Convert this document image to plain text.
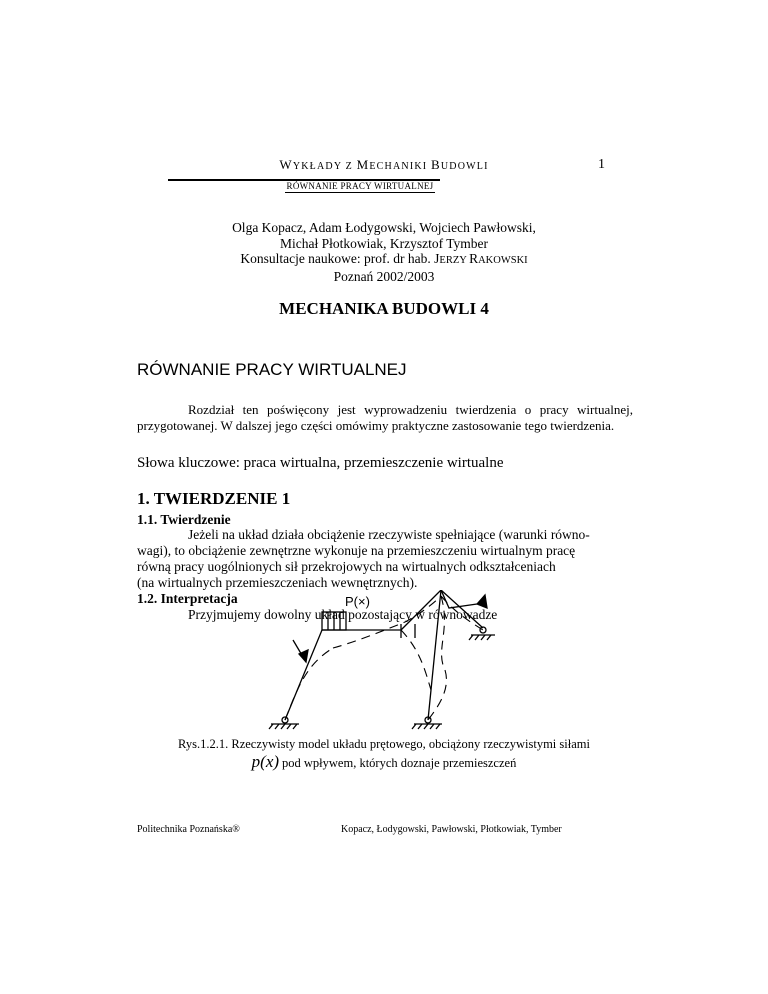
WYKŁADY Z MECHANIKI BUDOWLI	1
RÓWNANIE PRACY WIRTUALNEJ
Olga Kopacz, Adam Łodygowski, Wojciech Pawłowski,
Michał Płotkowiak, Krzysztof Tymber
Konsultacje naukowe: prof. dr hab. JERZY RAKOWSKI
Poznań 2002/2003
MECHANIKA BUDOWLI 4
RÓWNANIE PRACY WIRTUALNEJ
Rozdział ten poświęcony jest wyprowadzeniu twierdzenia o pracy wirtualnej, przygotowanej. W dalszej jego części omówimy praktyczne zastosowanie tego twierdzenia.
Słowa kluczowe: praca wirtualna, przemieszczenie wirtualne
1. TWIERDZENIE 1
1.1. Twierdzenie
Jeżeli na układ działa obciążenie rzeczywiste spełniające (warunki równo-
wagi), to obciążenie zewnętrzne wykonuje na przemieszczeniu wirtualnym pracę
równą pracy uogólnionych sił przekrojowych na wirtualnych odkształceniach
(na wirtualnych przemieszczeniach wewnętrznych).
1.2. Interpretacja
Przyjmujemy dowolny układ pozostający w równowadze
P(×)
Rys.1.2.1. Rzeczywisty model układu prętowego, obciążony rzeczywistymi siłami
p(x) pod wpływem, których doznaje przemieszczeń
Politechnika Poznańska®	Kopacz, Łodygowski, Pawłowski, Płotkowiak, Tymber
